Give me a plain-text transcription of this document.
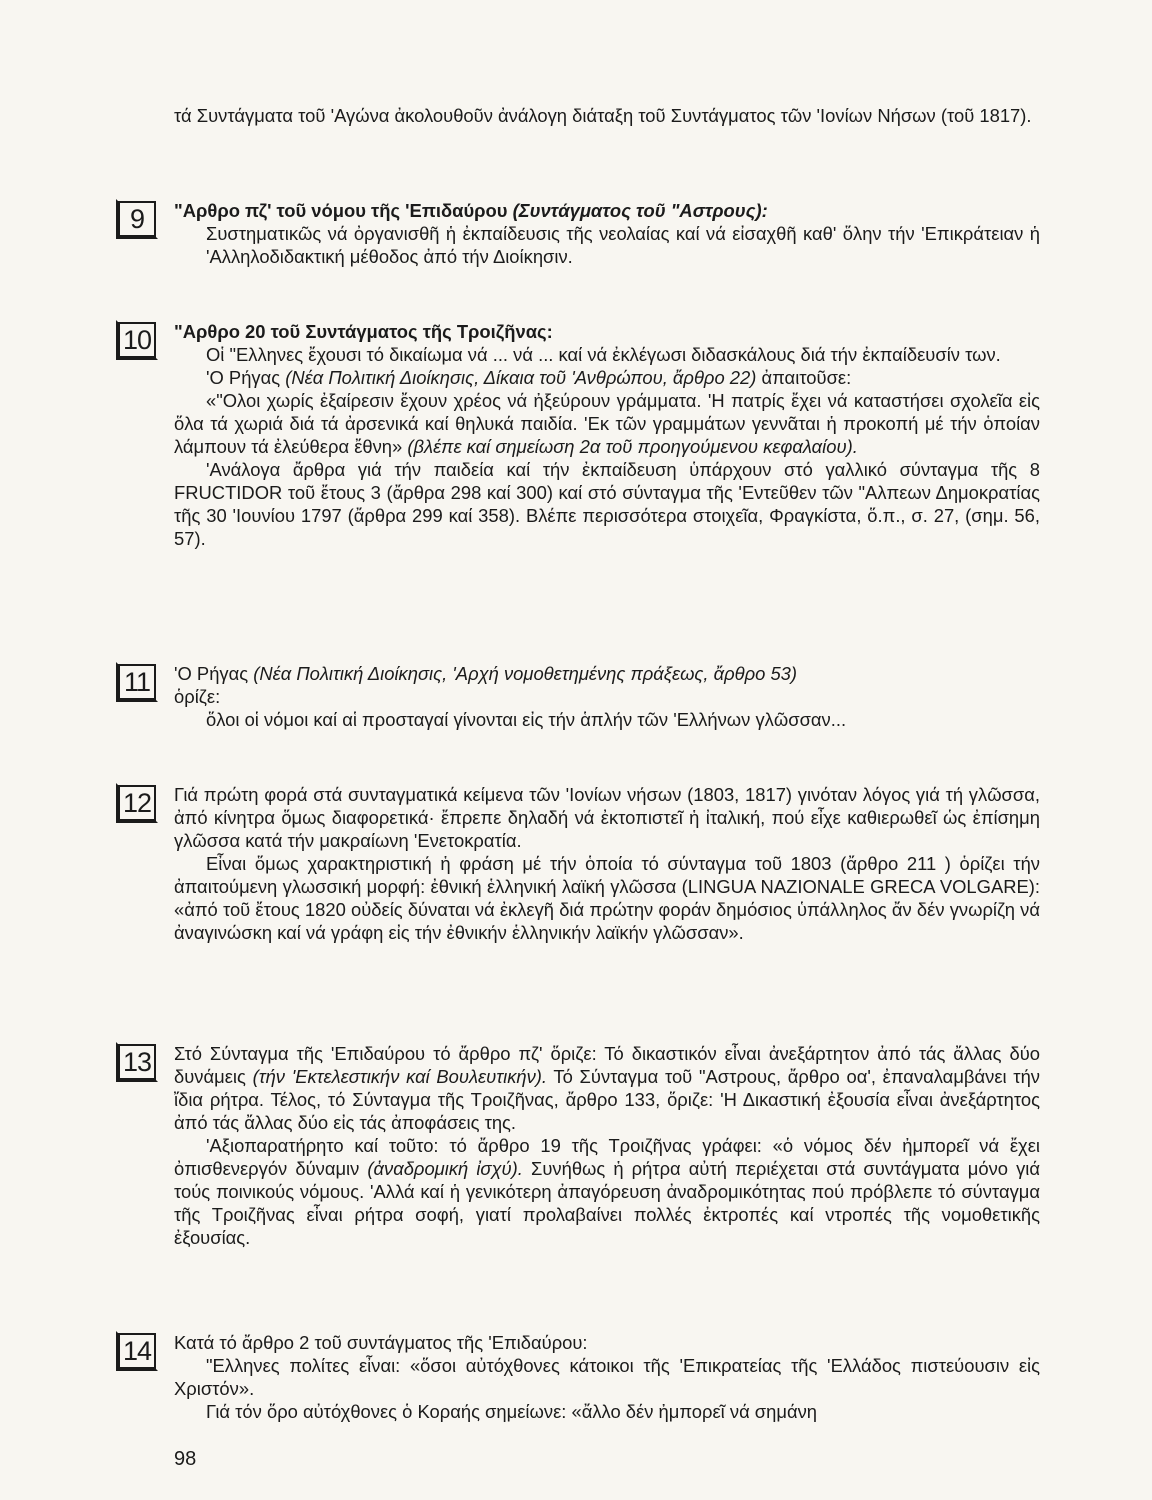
τά Συντάγματα τοῦ 'Αγώνα ἀκολουθοῦν ἀνάλογη διάταξη τοῦ Συντάγματος τῶν 'Ιονίων Νήσων (τοῦ 1817).

9	"Αρθρο πζ' τοῦ νόμου τῆς 'Επιδαύρου (Συντάγματος τοῦ "Αστρους):

Συστηματικῶς νά ὀργανισθῆ ἡ ἐκπαίδευσις τῆς νεολαίας καί νά εἰσαχθῆ καθ' ὅλην τήν 'Επικράτειαν ἡ 'Αλληλοδιδακτική μέθοδος ἀπό τήν Διοίκησιν.

10 "Αρθρο 20 τοῦ Συντάγματος τῆς Τροιζῆνας:

Οἱ "Ελληνες ἔχουσι τό δικαίωμα νά ... νά ... καί νά ἐκλέγωσι διδασκάλους διά τήν ἐκπαίδευσίν των.

'Ο Ρήγας (Νέα Πολιτική Διοίκησις, Δίκαια τοῦ 'Ανθρώπου, ἄρθρο 22) ἀπαιτοῦσε:

«"Ολοι χωρίς ἐξαίρεσιν ἔχουν χρέος νά ἠξεύρουν γράμματα. 'Η πατρίς ἔχει νά καταστήσει σχολεῖα εἰς ὅλα τά χωριά διά τά ἀρσενικά καί θηλυκά παιδία. 'Εκ τῶν γραμμάτων γεννᾶται ἡ προκοπή μέ τήν ὁποίαν λάμπουν τά ἐλεύθερα ἔθνη» (βλέπε καί σημείωση 2α τοῦ προηγούμενου κεφαλαίου).

'Ανάλογα ἄρθρα γιά τήν παιδεία καί τήν ἐκπαίδευση ὑπάρχουν στό γαλλικό σύνταγμα τῆς 8 FRUCTIDOR τοῦ ἔτους 3 (ἄρθρα 298 καί 300) καί στό σύνταγμα τῆς 'Εντεῦθεν τῶν "Αλπεων Δημοκρατίας τῆς 30 'Ιουνίου 1797 (ἄρθρα 299 καί 358). Βλέπε περισσότερα στοιχεῖα, Φραγκίστα, ὅ.π., σ. 27, (σημ. 56, 57).

11	'Ο Ρήγας (Νέα Πολιτική Διοίκησις, 'Αρχή νομοθετημένης πράξεως, ἄρθρο 53)
ὁρίζε:

ὅλοι οἱ νόμοι καί αἱ προσταγαί γίνονται εἰς τήν ἁπλήν τῶν 'Ελλήνων γλῶσσαν...

12 Γιά πρώτη φορά στά συνταγματικά κείμενα τῶν 'Ιονίων νήσων (1803, 1817) γινόταν λόγος γιά τή γλῶσσα, ἀπό κίνητρα ὅμως διαφορετικά· ἔπρεπε δηλαδή νά ἐκτοπιστεῖ ἡ ἰταλική, πού εἶχε καθιερωθεῖ ὡς ἐπίσημη γλῶσσα κατά τήν μακραίωνη 'Ενετοκρατία.

Εἶναι ὅμως χαρακτηριστική ἡ φράση μέ τήν ὁποία τό σύνταγμα τοῦ 1803 (ἄρθρο 211 ) ὁρίζει τήν ἀπαιτούμενη γλωσσική μορφή: ἐθνική ἑλληνική λαϊκή γλῶσσα (LINGUA NAZIONALE GRECA VOLGARE): «ἀπό τοῦ ἔτους 1820 οὐδείς δύναται νά ἐκλεγῆ διά πρώτην φοράν δημόσιος ὑπάλληλος ἄν δέν γνωρίζη νά ἀναγινώσκη καί νά γράφη εἰς τήν ἐθνικήν ἑλληνικήν λαϊκήν γλῶσσαν».

13 Στό Σύνταγμα τῆς 'Επιδαύρου τό ἄρθρο πζ' ὅριζε: Τό δικαστικόν εἶναι ἀνεξάρτητον ἀπό τάς ἄλλας δύο δυνάμεις (τήν 'Εκτελεστικήν καί Βουλευτικήν). Τό Σύνταγμα τοῦ "Αστρους, ἄρθρο οα', ἐπαναλαμβάνει τήν ἴδια ρήτρα. Τέλος, τό Σύνταγμα τῆς Τροιζῆνας, ἄρθρο 133, ὅριζε: 'Η Δικαστική ἐξουσία εἶναι ἀνεξάρτητος ἀπό τάς ἄλλας δύο εἰς τάς ἀποφάσεις της.

'Αξιοπαρατήρητο καί τοῦτο: τό ἄρθρο 19 τῆς Τροιζῆνας γράφει: «ὁ νόμος δέν ἠμπορεῖ νά ἔχει ὀπισθενεργόν δύναμιν (ἀναδρομική ἰσχύ). Συνήθως ἡ ρήτρα αὐτή περιέχεται στά συντάγματα μόνο γιά τούς ποινικούς νόμους. 'Αλλά καί ἡ γενικότερη ἀπαγόρευση ἀναδρομικότητας πού πρόβλεπε τό σύνταγμα τῆς Τροιζῆνας εἶναι ρήτρα σοφή, γιατί προλαβαίνει πολλές ἐκτροπές καί ντροπές τῆς νομοθετικῆς ἐξουσίας.

14 Κατά τό ἄρθρο 2 τοῦ συντάγματος τῆς 'Επιδαύρου:

"Ελληνες πολίτες εἶναι: «ὅσοι αὐτόχθονες κάτοικοι τῆς 'Επικρατείας τῆς 'Ελλάδος πιστεύουσιν εἰς Χριστόν».

Γιά τόν ὅρο αὐτόχθονες ὁ Κοραής σημείωνε: «ἄλλο δέν ἠμπορεῖ νά σημάνη

98
